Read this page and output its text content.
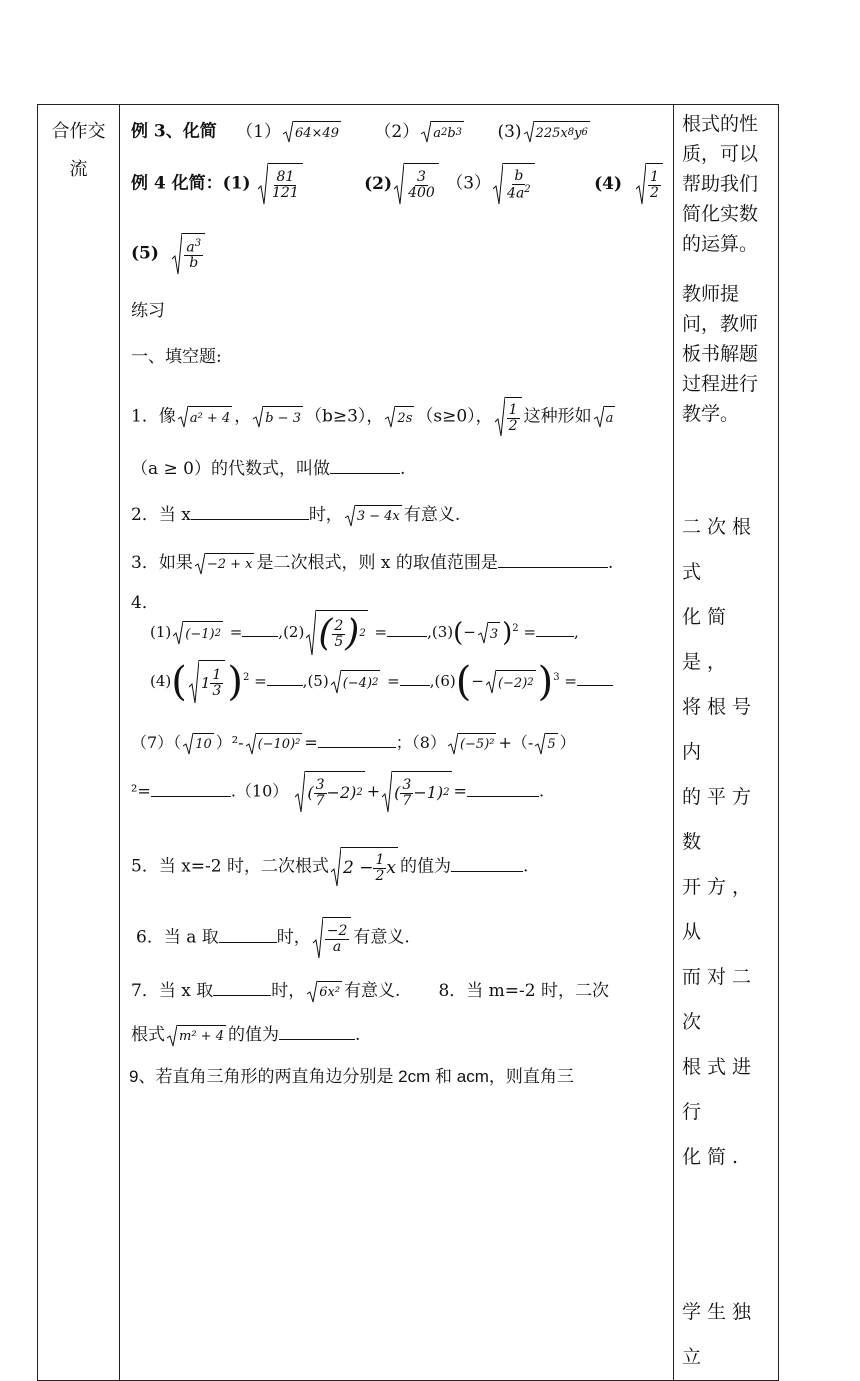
合作交
流

例 3、化简 （1） 64×49 （2） a 2 b 3 (3) 225x 8 y 6
例 4 化简：$(1) \frac{81}{121}$	$(2) \frac{3}{400} (3) \frac{b}{4a^2}$	$(4) \frac{1}{2}$
$(5) \frac{a^3}{b}$
练习
一、填空题:
1．像 a² + 4 ， b − 3 （b≥3）， 2s （s≥0）， $\frac{1}{2}$ 这种形如 a
（a ≥ 0）的代数式，叫做	.
2．当 x	时， 3 − 4x 有意义.
3．如果 −2 + x 是二次根式，则 x 的取值范围是	.
4．
(1) (−1) 2 = ,(2) ( $\frac{2}{5}$ ) 2 =	,(3)(− 3 )$^2$ =	,
(4)( $1 \frac{1}{3} )^2 = ,(5)$ (−4) 2 = ,(6)(− (−2) 2 )$^3$ =
（7）（ 10 ）²- (−10)² =	；（8） (−5)² +（- 5 ）
²=	.（10） ( $\frac{3}{7} -2$) 2 + ( $\frac{3}{7} -1$) 2 =	.
5．当 x=-2 时，二次根式 $2 - \frac{1}{2}$ x 的值为	.
6．当 a 取	时， $\frac{-2}{a}$ 有意义.
7．当 x 取	时， 6x² 有意义. 8．当 m=-2 时，二次
根式 m² + 4 的值为	.
9、若直角三角形的两直角边分别是 2cm 和 acm，则直角三

根式的性

质，可以

帮助我们

简化实数

的运算。

教师提

问，教师

板书解题

过程进行

教学。

二次根式

化简是，

将根号内

的平方数

开方，从

而对二次

根式进行

化简.

学生独立
